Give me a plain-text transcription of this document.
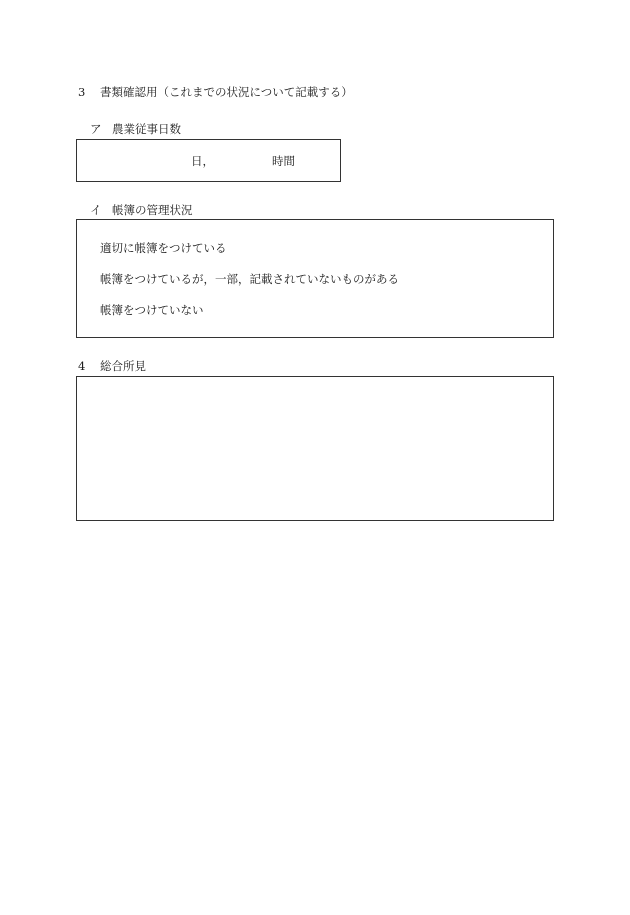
3 書類確認用（これまでの状況について記載する）
ア 農業従事日数
日，	時間
イ 帳簿の管理状況
適切に帳簿をつけている
帳簿をつけているが，一部，記載されていないものがある
帳簿をつけていない
4 総合所見
